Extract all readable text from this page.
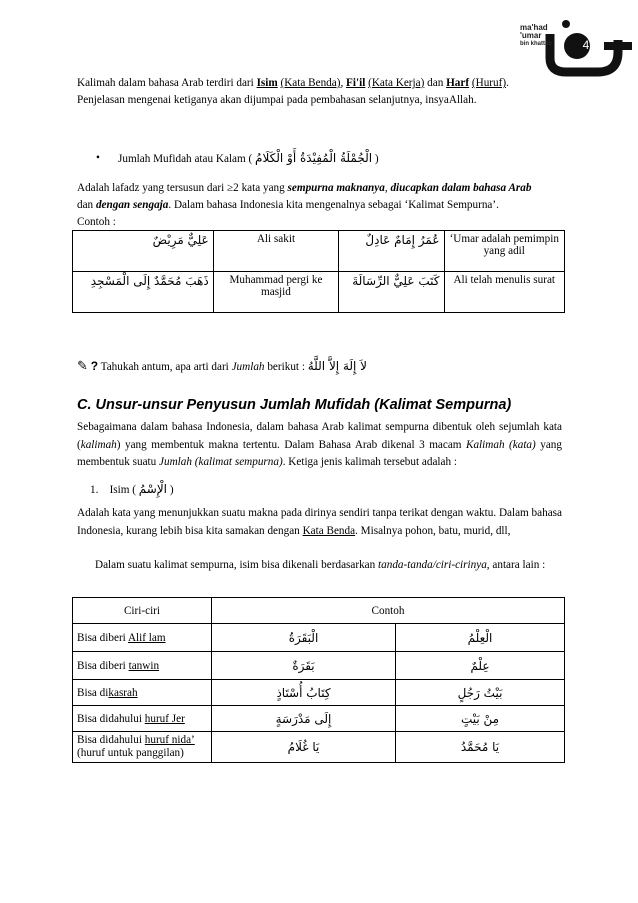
ma'had
'umar
bin khattab	4
Kalimah dalam bahasa Arab terdiri dari Isim (Kata Benda), Fi'il (Kata Kerja) dan Harf (Huruf).
Penjelasan mengenai ketiganya akan dijumpai pada pembahasan selanjutnya, insyaAllah.
• Jumlah Mufidah atau Kalam ( الْجُمْلَةُ الْمُفِيْدَةُ أَوْ الْكَلَامُ )
Adalah lafadz yang tersusun dari ≥2 kata yang sempurna maknanya, diucapkan dalam bahasa Arab
dan dengan sengaja. Dalam bahasa Indonesia kita mengenalnya sebagai ‘Kalimat Sempurna’.
Contoh :
عَلِيٌّ مَرِيْضٌ	Ali sakit	عُمَرُ إِمَامٌ عَادِلٌ	‘Umar adalah pemimpin yang adil
ذَهَبَ مُحَمَّدٌ إِلَى الْمَسْجِدِ	Muhammad pergi ke masjid	كَتَبَ عَلِيٌّ الرِّسَالَةَ	Ali telah menulis surat
✎ ? Tahukah antum, apa arti dari Jumlah berikut : لاَ إِلَهَ إِلاَّ اللَّهُ
C. Unsur-unsur Penyusun Jumlah Mufidah (Kalimat Sempurna)
Sebagaimana dalam bahasa Indonesia, dalam bahasa Arab kalimat sempurna dibentuk oleh sejumlah kata (kalimah) yang membentuk makna tertentu. Dalam Bahasa Arab dikenal 3 macam Kalimah (kata) yang membentuk suatu Jumlah (kalimat sempurna). Ketiga jenis kalimah tersebut adalah :
1. Isim ( الْإِسْمُ )
Adalah kata yang menunjukkan suatu makna pada dirinya sendiri tanpa terikat dengan waktu. Dalam bahasa Indonesia, kurang lebih bisa kita samakan dengan Kata Benda. Misalnya pohon, batu, murid, dll,
Dalam suatu kalimat sempurna, isim bisa dikenali berdasarkan tanda-tanda/ciri-cirinya, antara lain :
Ciri-ciri	Contoh	
Bisa diberi Alif lam	الْبَقَرَةُ	الْعِلْمُ
Bisa diberi tanwin	بَقَرَةٌ	عِلْمٌ
Bisa dikasrah	كِتَابُ أُسْتَاذٍ	بَيْتُ رَجُلٍ
Bisa didahului huruf Jer	إِلَى مَدْرَسَةٍ	مِنْ بَيْتٍ
Bisa didahului huruf nida’
(huruf untuk panggilan)	يَا غُلَامُ	يَا مُحَمَّدُ
